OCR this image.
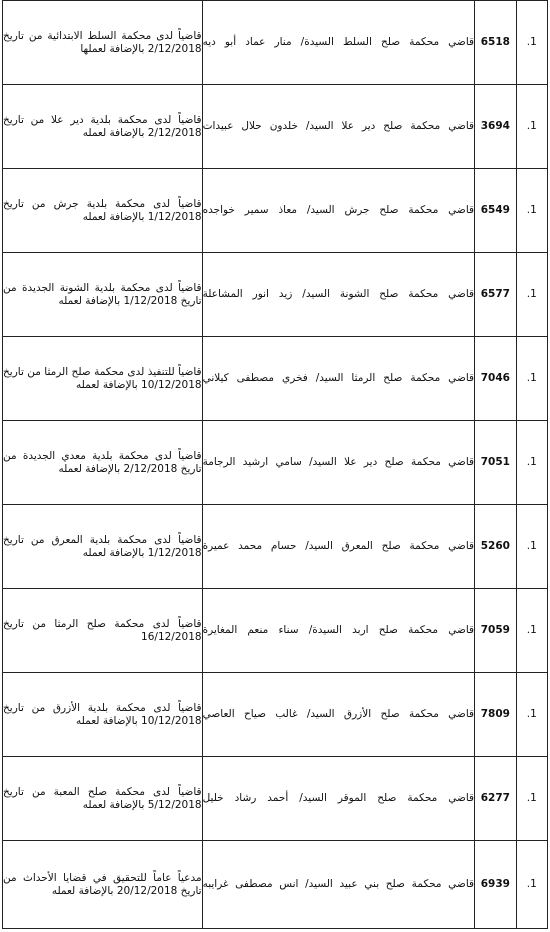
1.	6518	قاضي محكمة صلح السلط السيدة/ منار عماد أبو ديه	قاضياً لدى محكمة السلط الابتدائية من تاريخ 2/12/2018 بالإضافة لعملها
1.	3694	قاضي محكمة صلح دير علا السيد/ خلدون حلال عبيدات	قاضياً لدى محكمة بلدية دير علا من تاريخ 2/12/2018 بالإضافة لعمله
1.	6549	قاضي محكمة صلح جرش السيد/ معاذ سمير خواجده	قاضياً لدى محكمة بلدية جرش من تاريخ 1/12/2018 بالإضافة لعمله
1.	6577	قاضي محكمة صلح الشونة السيد/ زيد انور المشاعلة	قاضياً لدى محكمة بلدية الشونة الجديدة من تاريخ 1/12/2018 بالإضافة لعمله
1.	7046	قاضي محكمة صلح الرمثا السيد/ فخري مصطفى كيلاني	قاضياً للتنفيذ لدى محكمة صلح الرمثا من تاريخ 10/12/2018 بالإضافة لعمله
1.	7051	قاضي محكمة صلح دير علا السيد/ سامي ارشيد الرجامة	قاضياً لدى محكمة بلدية معدي الجديدة من تاريخ 2/12/2018 بالإضافة لعمله
1.	5260	قاضي محكمة صلح المعرق السيد/ حسام محمد عميرة	قاضياً لدى محكمة بلدية المعرق من تاريخ 1/12/2018 بالإضافة لعمله
1.	7059	قاضي محكمة صلح اربد السيدة/ سناء منعم المغايرة	قاضياً لدى محكمة صلح الرمثا من تاريخ 16/12/2018
1.	7809	قاضي محكمة صلح الأزرق السيد/ غالب صياح العاصي	قاضياً لدى محكمة بلدية الأزرق من تاريخ 10/12/2018 بالإضافة لعمله
1.	6277	قاضي محكمة صلح الموقر السيد/ أحمد رشاد خليل	قاضياً لدى محكمة صلح المعبة من تاريخ 5/12/2018 بالإضافة لعمله
1.	6939	قاضي محكمة صلح بني عبيد السيد/ انس مصطفى غرايبه	مدعياً عاماً للتحقيق في قضايا الأحداث من تاريخ 20/12/2018 بالإضافة لعمله
